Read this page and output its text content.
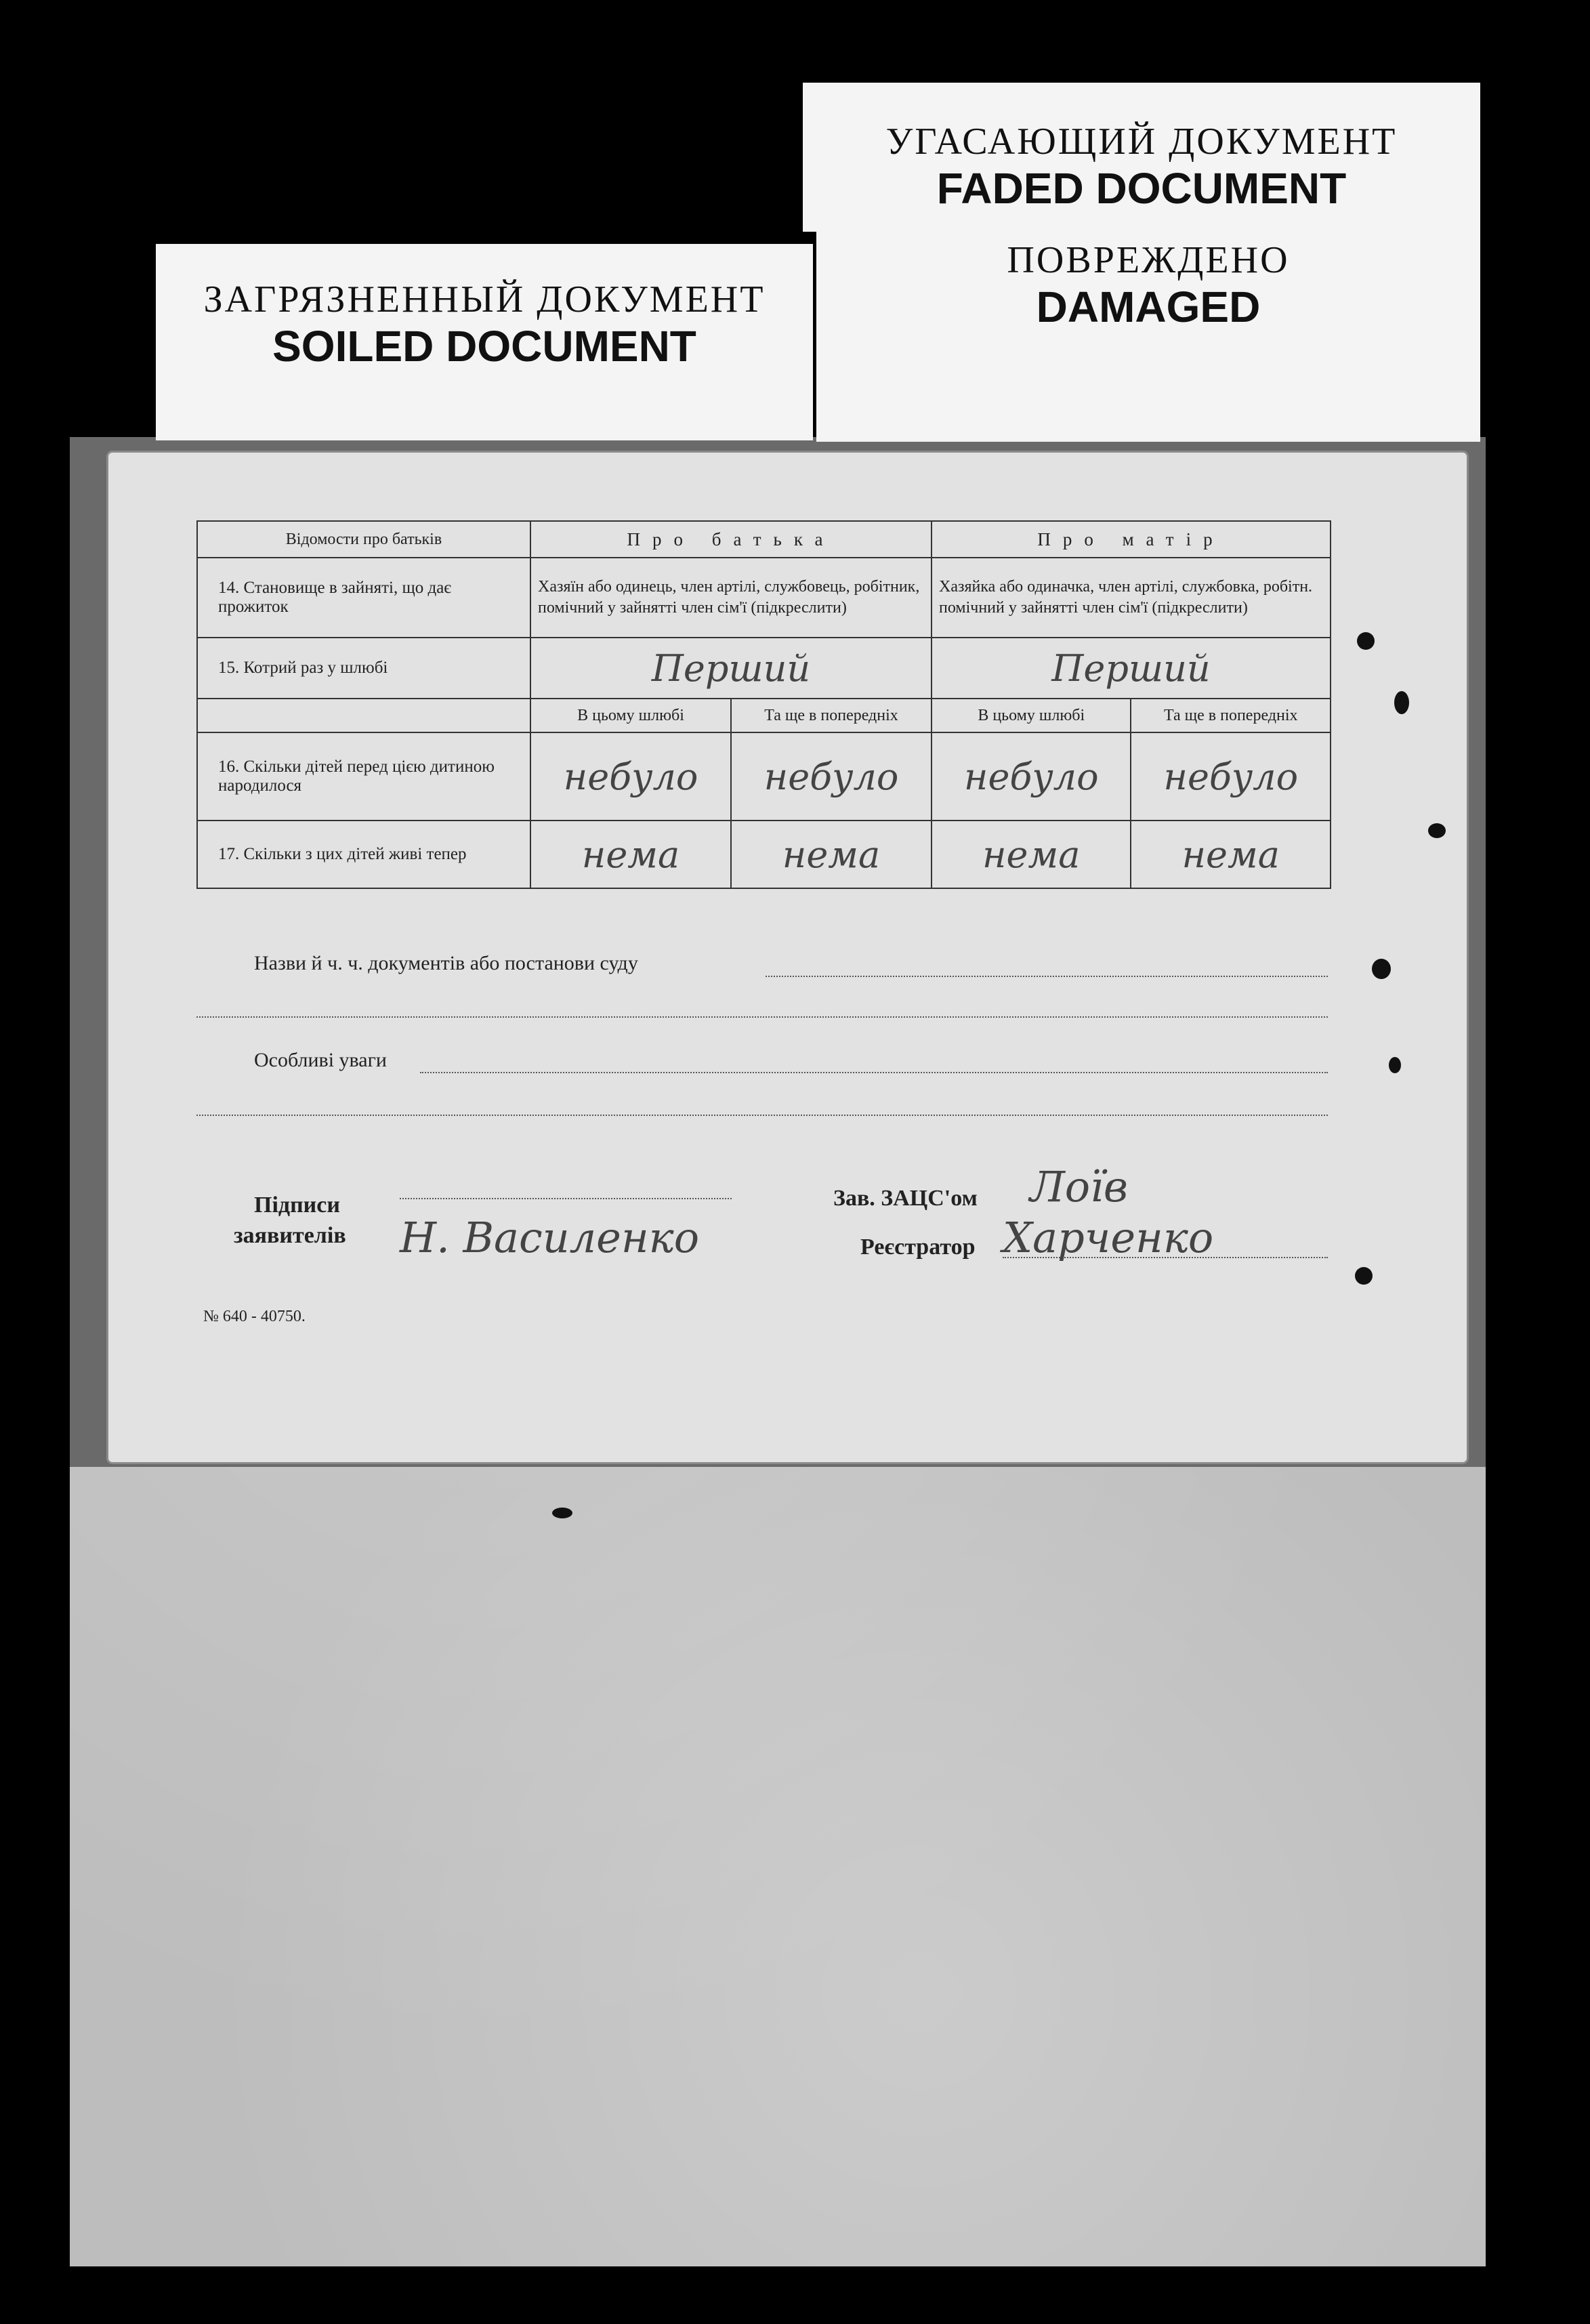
УГАСАЮЩИЙ ДОКУМЕНТ
FADED DOCUMENT
ЗАГРЯЗНЕННЫЙ ДОКУМЕНТ
SOILED DOCUMENT
ПОВРЕЖДЕНО
DAMAGED
Відомости про батьків	Про батька		Про матір	
14. Становище в зайняті, що дає прожиток	Хазяїн або одинець, член артілі, службовець, робітник, помічний у зайнятті член сім'ї (підкреслити)		Хазяйка або одиначка, член артілі, службовка, робітн. помічний у зайнятті член сім'ї (підкреслити)	
15. Котрий раз у шлюбі	Перший		Перший	
	В цьому шлюбі	Та ще в попередніх	В цьому шлюбі	Та ще в попередніх
16. Скільки дітей перед цією дитиною народилося	небуло	небуло	небуло	небуло
17. Скільки з цих дітей живі тепер	нема	нема	нема	нема
Назви й ч. ч. документів або постанови суду
Особливі уваги
Підписи
заявителів Н. Василенко
Зав. ЗАЦС'ом Лоїв
Реєстратор Харченко
№ 640 - 40750.
